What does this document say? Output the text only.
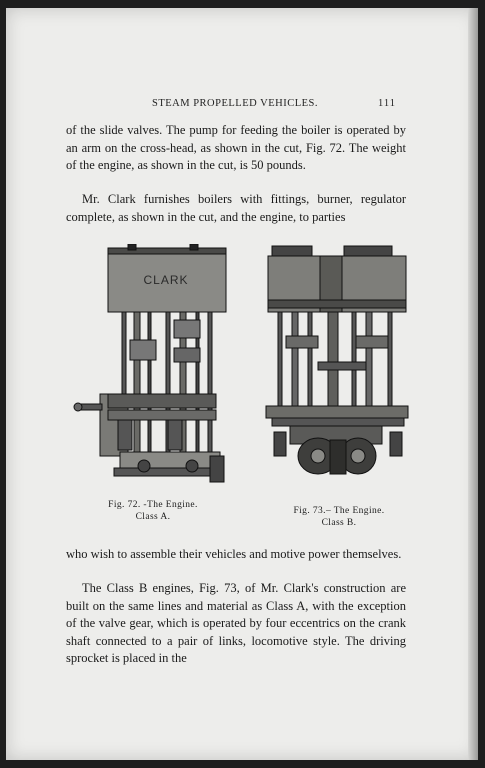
STEAM PROPELLED VEHICLES.	111

of the slide valves. The pump for feeding the boiler is operated by an arm on the cross-head, as shown in the cut, Fig. 72. The weight of the engine, as shown in the cut, is 50 pounds.

Mr. Clark furnishes boilers with fittings, burner, regulator complete, as shown in the cut, and the engine, to parties

CLARK
Fig. 72. -The Engine.
Class A.
Fig. 73.– The Engine.
Class B.

who wish to assemble their vehicles and motive power themselves.

The Class B engines, Fig. 73, of Mr. Clark's construction are built on the same lines and material as Class A, with the exception of the valve gear, which is operated by four eccentrics on the crank shaft connected to a pair of links, locomotive style. The driving sprocket is placed in the
